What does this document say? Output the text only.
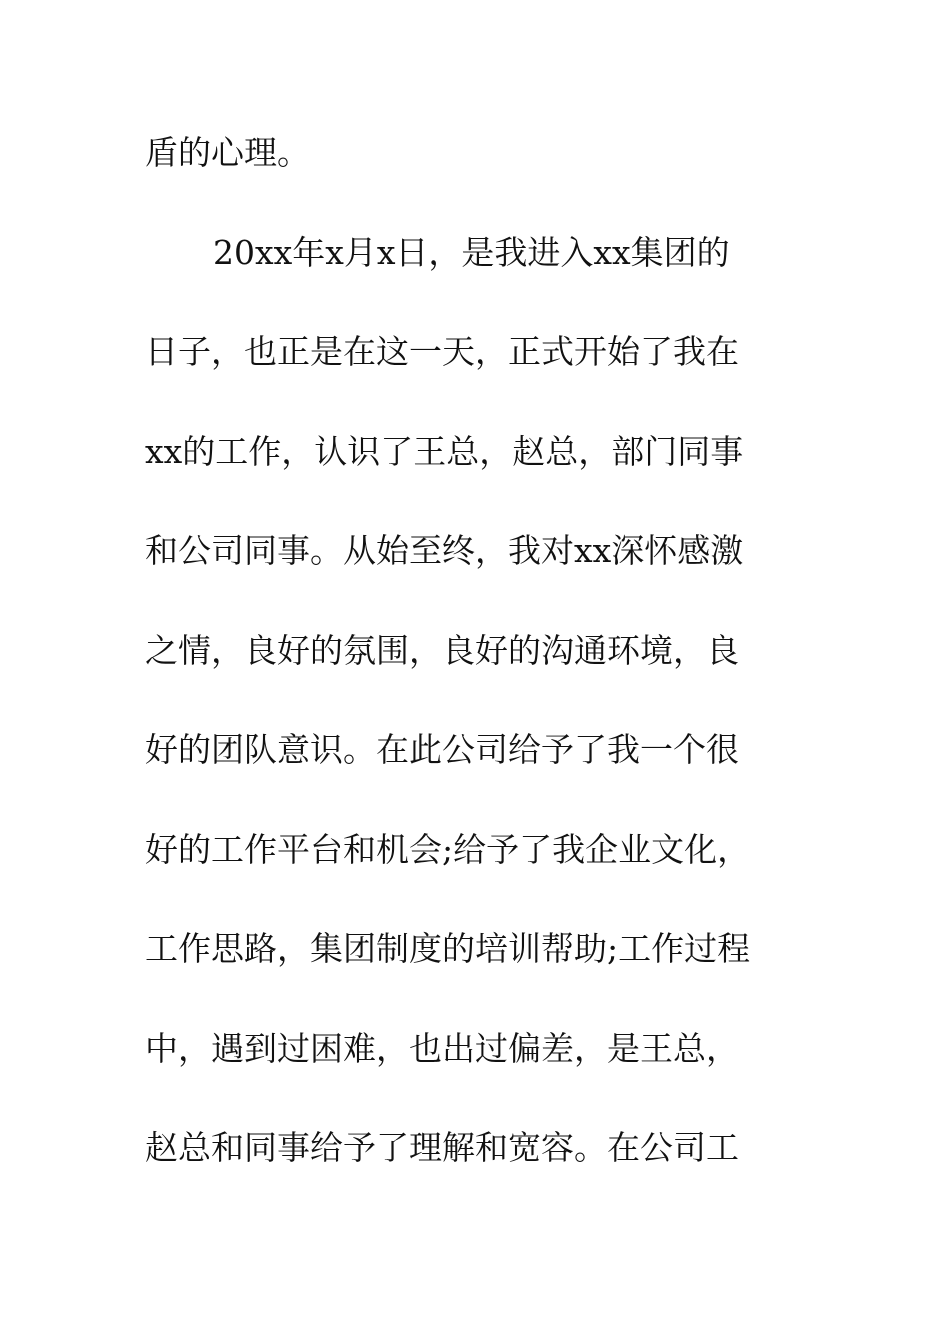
盾的心理。
20xx年x月x日，是我进入xx集团的
日子，也正是在这一天，正式开始了我在
xx的工作，认识了王总，赵总，部门同事
和公司同事。从始至终，我对xx深怀感激
之情，良好的氛围，良好的沟通环境，良
好的团队意识。在此公司给予了我一个很
好的工作平台和机会;给予了我企业文化，
工作思路，集团制度的培训帮助;工作过程
中，遇到过困难，也出过偏差，是王总，
赵总和同事给予了理解和宽容。在公司工
